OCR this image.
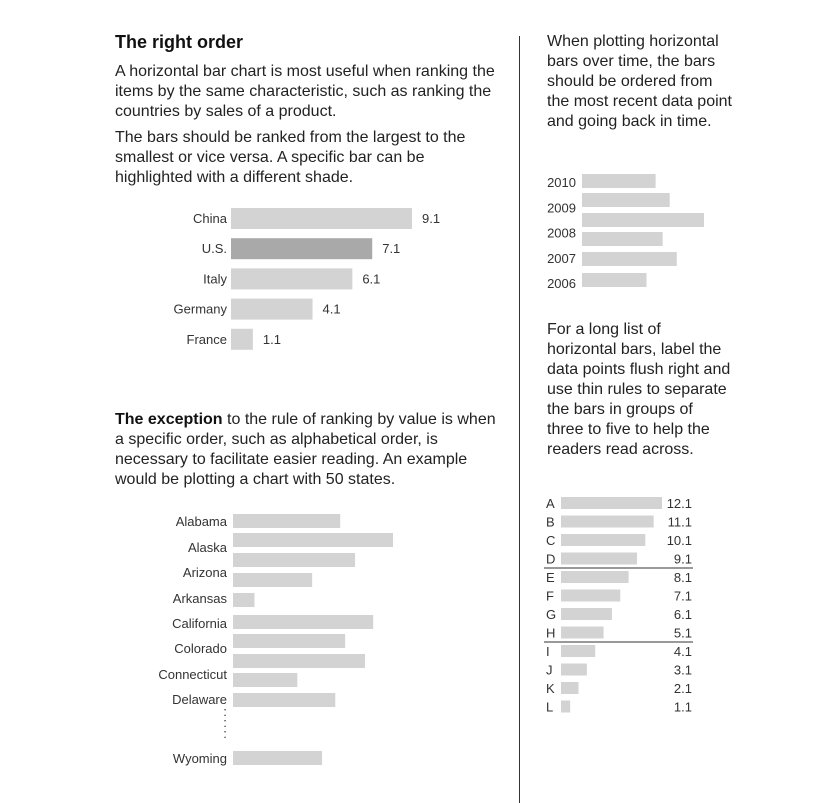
The right order
A horizontal bar chart is most useful when ranking the items by the same characteristic, such as ranking the countries by sales of a product.
The bars should be ranked from the largest to the smallest or vice versa. A specific bar can be highlighted with a different shade.
The exception to the rule of ranking by value is when a specific order, such as alphabetical order, is necessary to facilitate easier reading. An example would be plotting a chart with 50 states.
When plotting horizontal bars over time, the bars should be ordered from the most recent data point and going back in time.
For a long list of horizontal bars, label the data points flush right and use thin rules to separate the bars in groups of three to five to help the readers read across.
China	9.1
U.S.	7.1
Italy	6.1
Germany	4.1
France	1.1
2010
2009
2008
2007
2006
Alabama
Alaska
Arizona
Arkansas
California
Colorado
Connecticut
Delaware
Wyoming
:
:
:
A	12.1
B	11.1
C	10.1
D	9.1
E	8.1
F	7.1
G	6.1
H	5.1
I	4.1
J	3.1
K	2.1
L	1.1
